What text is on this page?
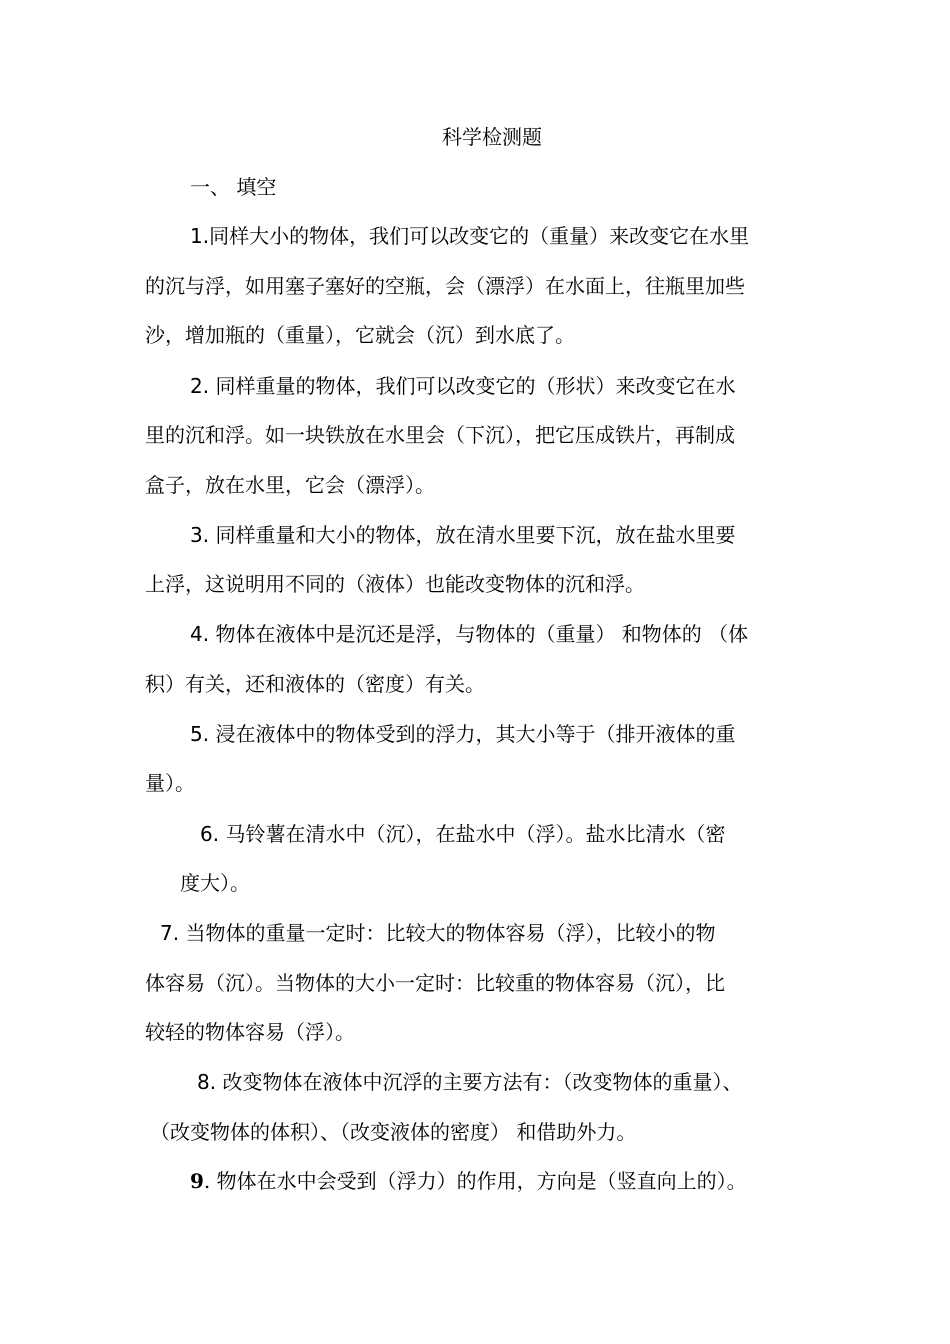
科学检测题
一、 填空
1.同样大小的物体，我们可以改变它的（重量）来改变它在水里
的沉与浮，如用塞子塞好的空瓶，会（漂浮）在水面上，往瓶里加些
沙，增加瓶的（重量），它就会（沉）到水底了。
2. 同样重量的物体，我们可以改变它的（形状）来改变它在水
里的沉和浮。如一块铁放在水里会（下沉），把它压成铁片，再制成
盒子，放在水里，它会（漂浮）。
3. 同样重量和大小的物体，放在清水里要下沉，放在盐水里要
上浮，这说明用不同的（液体）也能改变物体的沉和浮。
4. 物体在液体中是沉还是浮，与物体的（重量） 和物体的 （体
积）有关，还和液体的（密度）有关。
5. 浸在液体中的物体受到的浮力，其大小等于（排开液体的重
量）。
6. 马铃薯在清水中（沉），在盐水中（浮）。盐水比清水（密
度大）。
7. 当物体的重量一定时：比较大的物体容易（浮），比较小的物
体容易（沉）。当物体的大小一定时：比较重的物体容易（沉），比
较轻的物体容易（浮）。
8. 改变物体在液体中沉浮的主要方法有：（改变物体的重量）、
（改变物体的体积）、（改变液体的密度） 和借助外力。
9. 物体在水中会受到（浮力）的作用，方向是（竖直向上的）。
